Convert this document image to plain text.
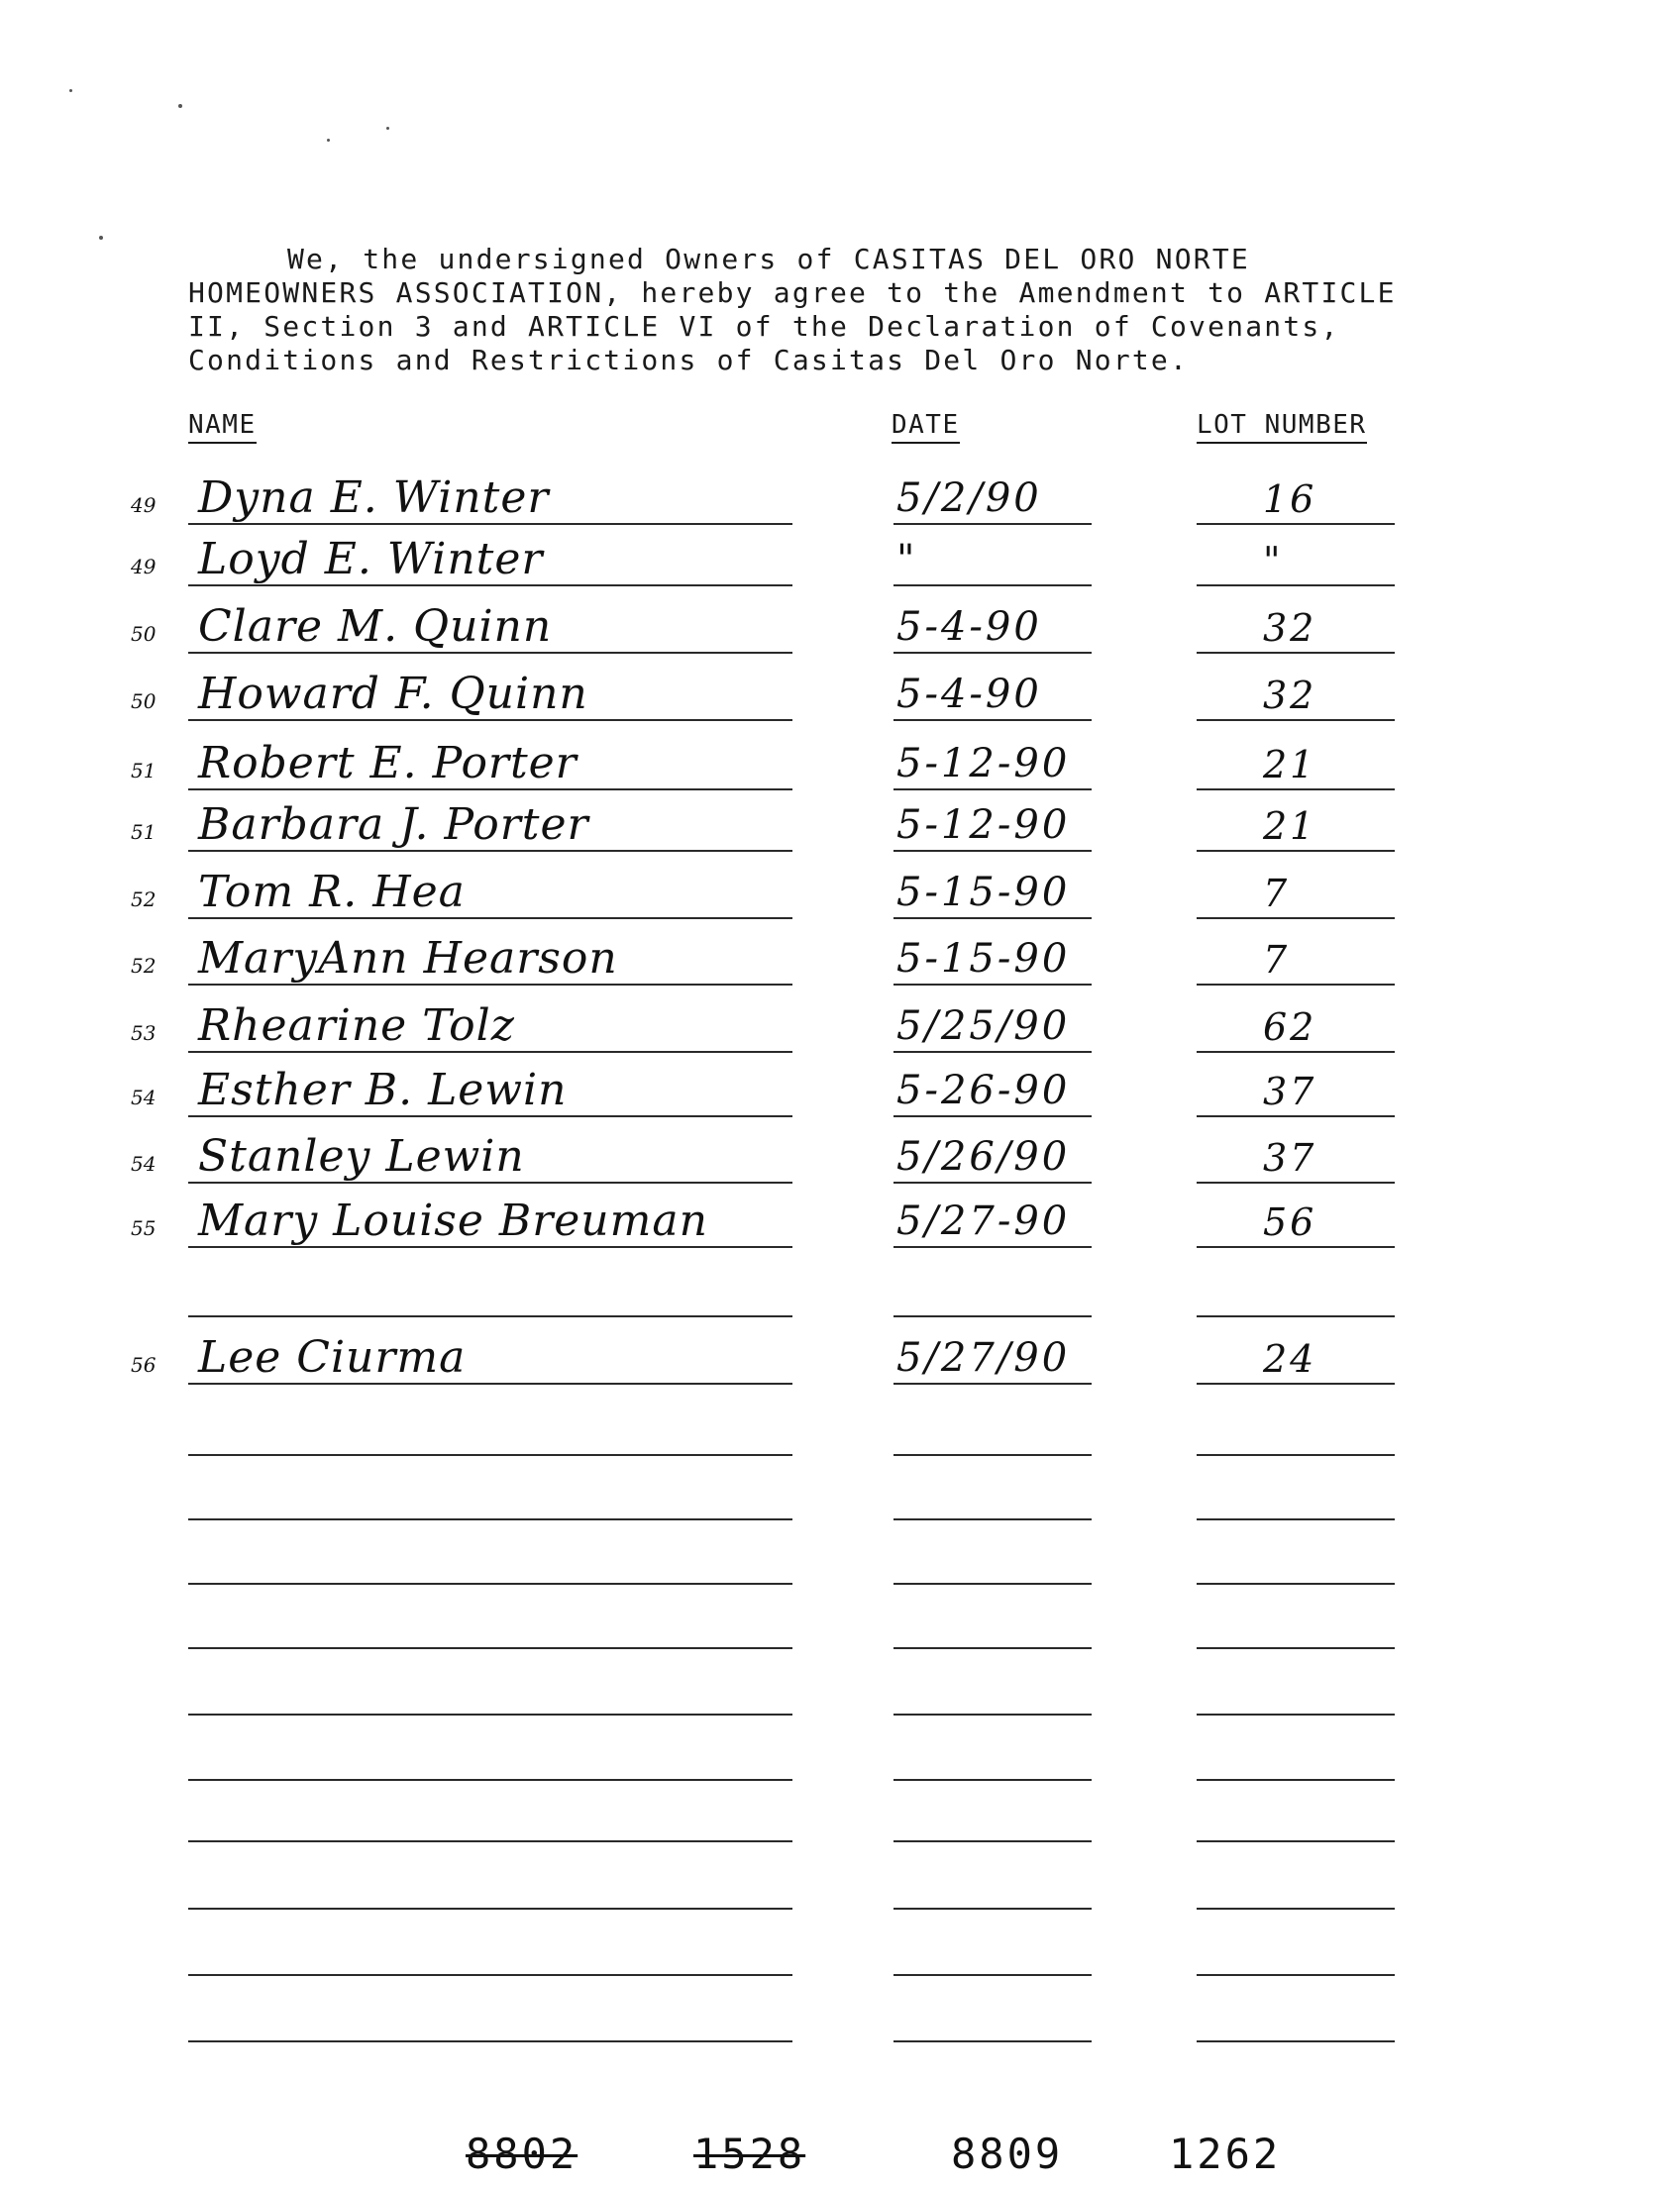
We, the undersigned Owners of CASITAS DEL ORO NORTE
HOMEOWNERS ASSOCIATION, hereby agree to the Amendment to ARTICLE
II, Section 3 and ARTICLE VI of the Declaration of Covenants,
Conditions and Restrictions of Casitas Del Oro Norte.
NAME	DATE	LOT NUMBER
49 Dyna E. Winter	5/2/90	16
49 Loyd E. Winter	"	"
50 Clare M. Quinn	5-4-90	32
50 Howard F. Quinn	5-4-90	32
51 Robert E. Porter	5-12-90	21
51 Barbara J. Porter	5-12-90	21
52 Tom R. Hea	5-15-90	7
52 MaryAnn Hearson	5-15-90	7
53 Rhearine Tolz	5/25/90	62
54 Esther B. Lewin	5-26-90	37
54 Stanley Lewin	5/26/90	37
55 Mary Louise Breuman	5/27-90	56
56 Lee Ciurma	5/27/90	24
8802	1528	8809	1262
